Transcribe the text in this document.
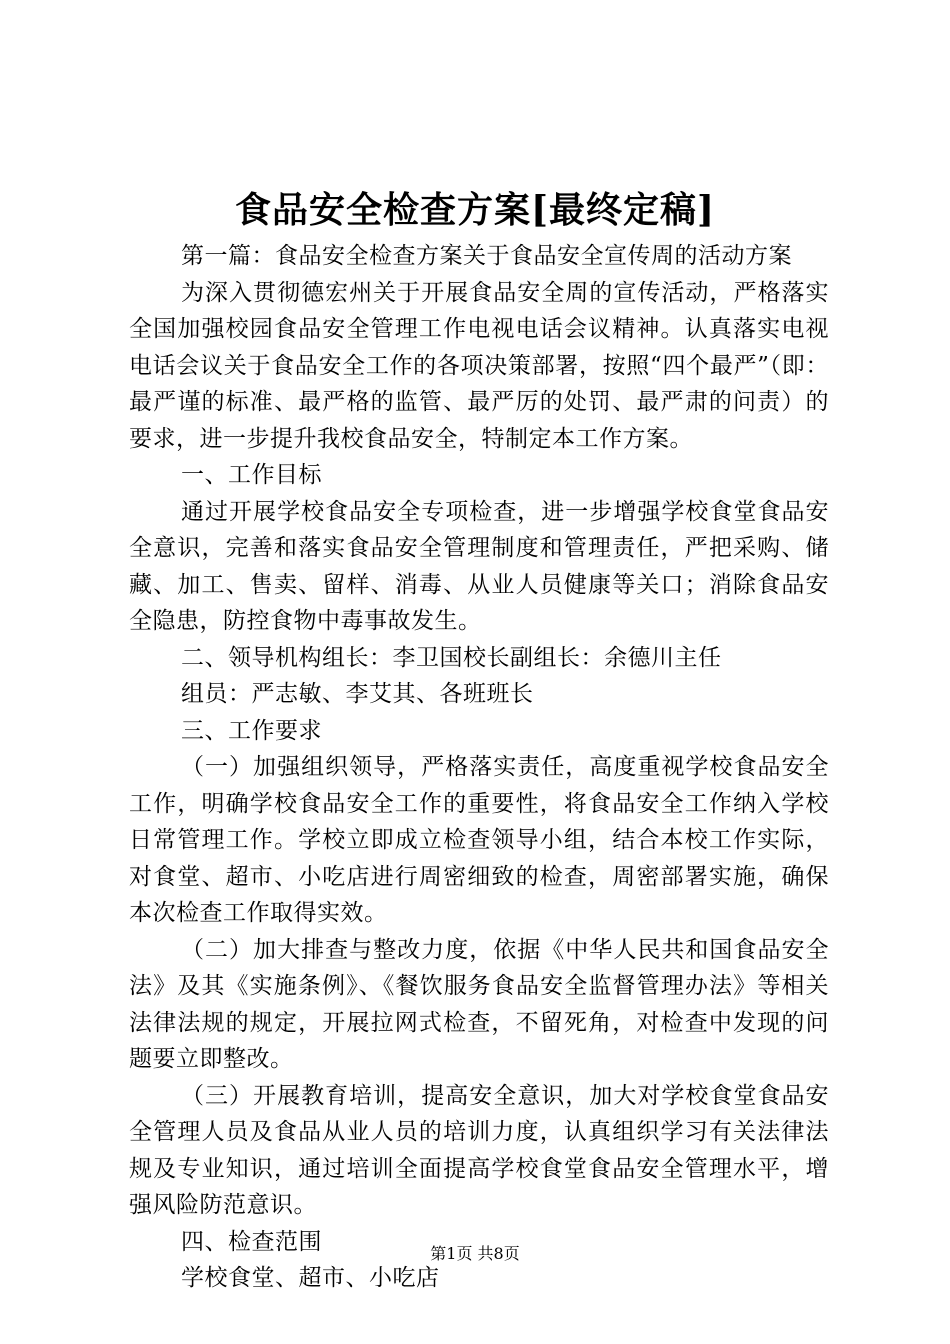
食品安全检查方案[最终定稿]

第一篇：食品安全检查方案关于食品安全宣传周的活动方案

为深入贯彻德宏州关于开展食品安全周的宣传活动，严格落实全国加强校园食品安全管理工作电视电话会议精神。认真落实电视电话会议关于食品安全工作的各项决策部署，按照“四个最严”（即：最严谨的标准、最严格的监管、最严厉的处罚、最严肃的问责）的要求，进一步提升我校食品安全，特制定本工作方案。

一、工作目标

通过开展学校食品安全专项检查，进一步增强学校食堂食品安全意识，完善和落实食品安全管理制度和管理责任，严把采购、储藏、加工、售卖、留样、消毒、从业人员健康等关口；消除食品安全隐患，防控食物中毒事故发生。

二、领导机构组长：李卫国校长副组长：余德川主任

组员：严志敏、李艾其、各班班长

三、工作要求

（一）加强组织领导，严格落实责任，高度重视学校食品安全工作，明确学校食品安全工作的重要性，将食品安全工作纳入学校日常管理工作。学校立即成立检查领导小组，结合本校工作实际，对食堂、超市、小吃店进行周密细致的检查，周密部署实施，确保本次检查工作取得实效。

（二）加大排查与整改力度，依据《中华人民共和国食品安全法》及其《实施条例》、《餐饮服务食品安全监督管理办法》等相关法律法规的规定，开展拉网式检查，不留死角，对检查中发现的问题要立即整改。

（三）开展教育培训，提高安全意识，加大对学校食堂食品安全管理人员及食品从业人员的培训力度，认真组织学习有关法律法规及专业知识，通过培训全面提高学校食堂食品安全管理水平，增强风险防范意识。

四、检查范围

学校食堂、超市、小吃店

第1页 共8页
